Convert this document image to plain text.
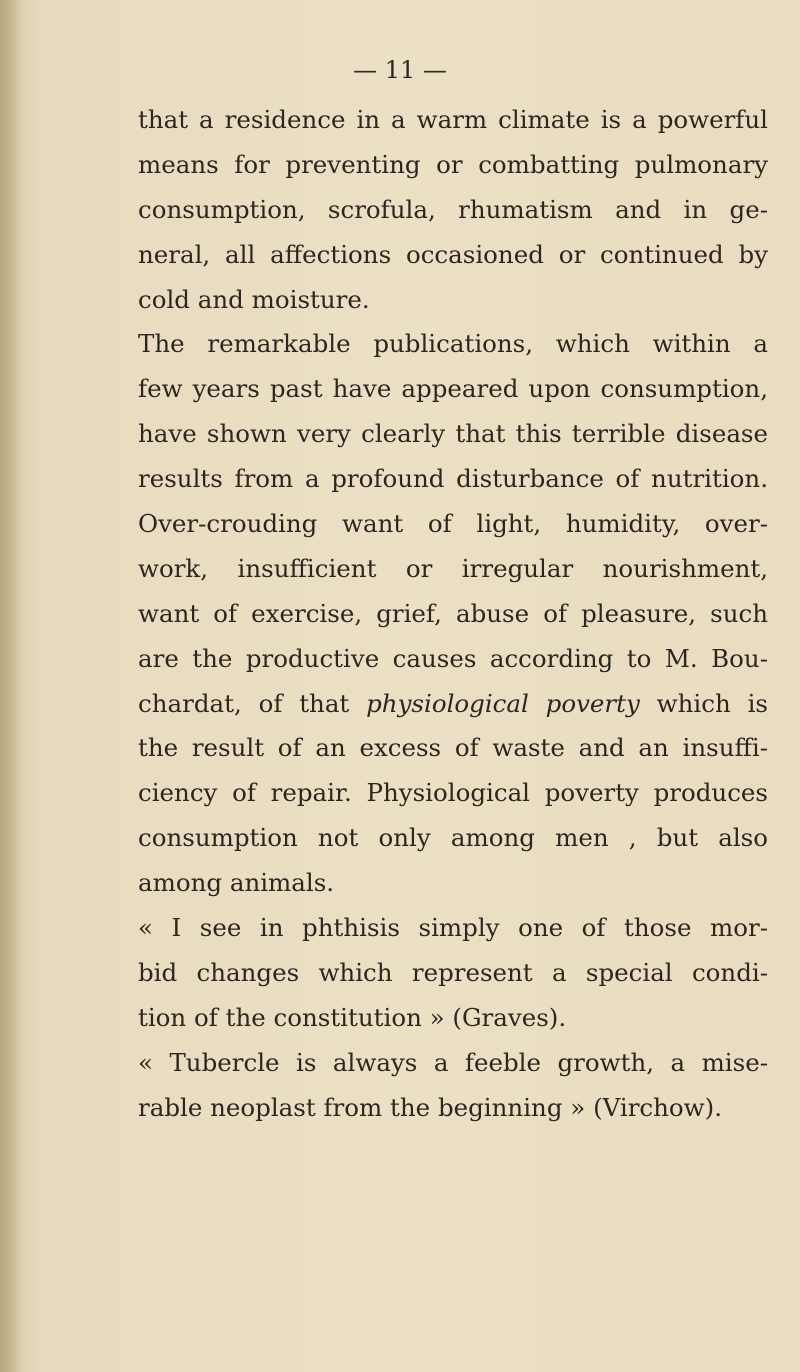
— 11 —
that a residence in a warm climate is a powerful
means for preventing or combatting pulmonary
consumption, scrofula, rhumatism and in ge-
neral, all affections occasioned or continued by
cold and moisture.
The remarkable publications, which within a
few years past have appeared upon consumption,
have shown very clearly that this terrible disease
results from a profound disturbance of nutrition.
Over-crouding want of light, humidity, over-
work, insufficient or irregular nourishment,
want of exercise, grief, abuse of pleasure, such
are the productive causes according to M. Bou-
chardat, of that physiological poverty which is
the result of an excess of waste and an insuffi-
ciency of repair. Physiological poverty produces
consumption not only among men , but also
among animals.
« I see in phthisis simply one of those mor-
bid changes which represent a special condi-
tion of the constitution » (Graves).
« Tubercle is always a feeble growth, a mise-
rable neoplast from the beginning » (Virchow).
